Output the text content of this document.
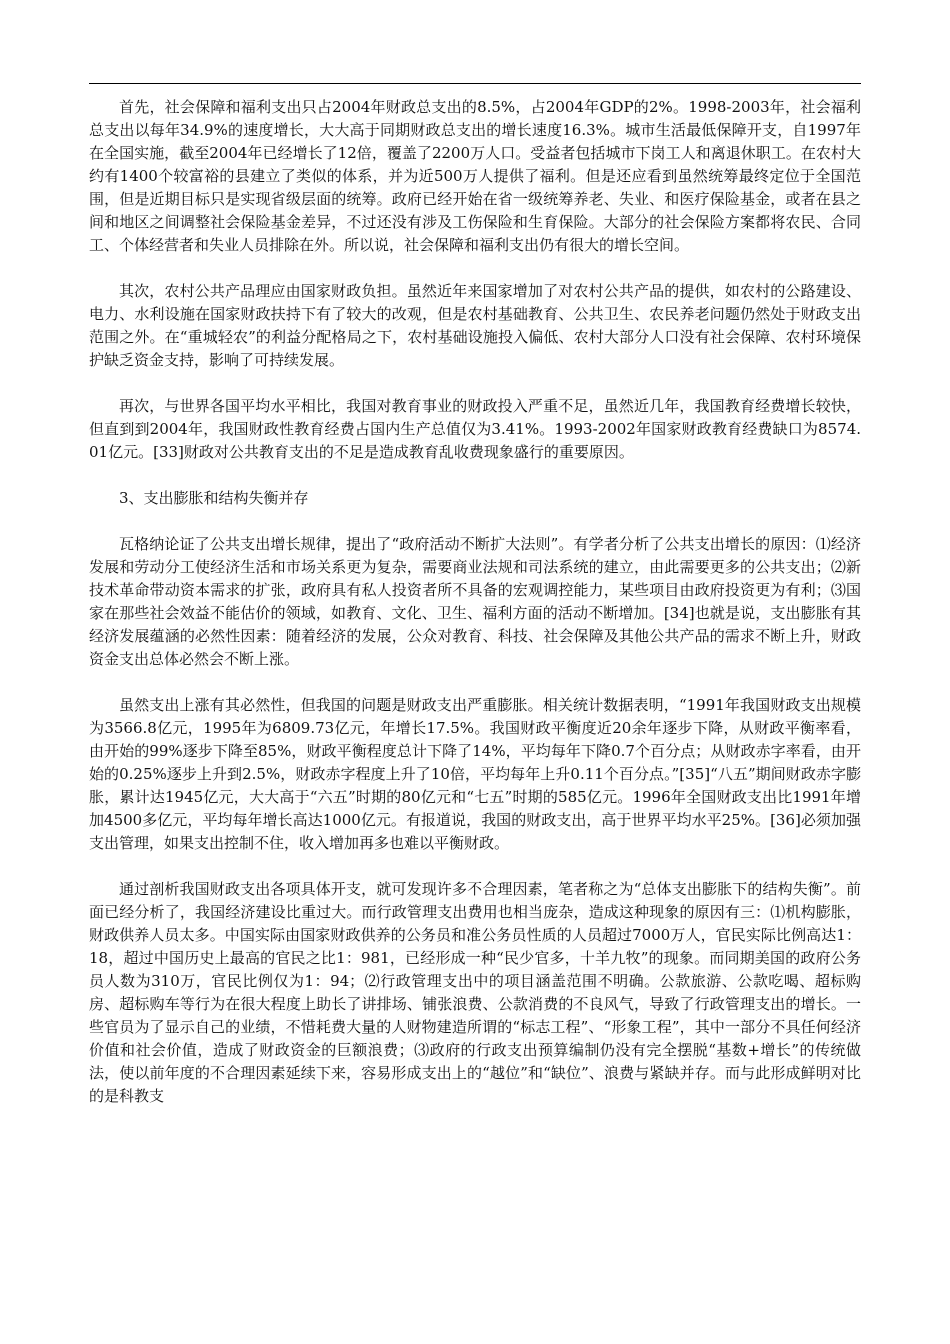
首先，社会保障和福利支出只占2004年财政总支出的8.5%，占2004年GDP的2%。1998-2003年，社会福利总支出以每年34.9%的速度增长，大大高于同期财政总支出的增长速度16.3%。城市生活最低保障开支，自1997年在全国实施，截至2004年已经增长了12倍，覆盖了2200万人口。受益者包括城市下岗工人和离退休职工。在农村大约有1400个较富裕的县建立了类似的体系，并为近500万人提供了福利。但是还应看到虽然统筹最终定位于全国范围，但是近期目标只是实现省级层面的统筹。政府已经开始在省一级统筹养老、失业、和医疗保险基金，或者在县之间和地区之间调整社会保险基金差异，不过还没有涉及工伤保险和生育保险。大部分的社会保险方案都将农民、合同工、个体经营者和失业人员排除在外。所以说，社会保障和福利支出仍有很大的增长空间。

其次，农村公共产品理应由国家财政负担。虽然近年来国家增加了对农村公共产品的提供，如农村的公路建设、电力、水利设施在国家财政扶持下有了较大的改观，但是农村基础教育、公共卫生、农民养老问题仍然处于财政支出范围之外。在“重城轻农”的利益分配格局之下，农村基础设施投入偏低、农村大部分人口没有社会保障、农村环境保护缺乏资金支持，影响了可持续发展。

再次，与世界各国平均水平相比，我国对教育事业的财政投入严重不足，虽然近几年，我国教育经费增长较快，但直到到2004年，我国财政性教育经费占国内生产总值仅为3.41%。1993-2002年国家财政教育经费缺口为8574.01亿元。[33]财政对公共教育支出的不足是造成教育乱收费现象盛行的重要原因。

3、支出膨胀和结构失衡并存

瓦格纳论证了公共支出增长规律，提出了“政府活动不断扩大法则”。有学者分析了公共支出增长的原因：⑴经济发展和劳动分工使经济生活和市场关系更为复杂，需要商业法规和司法系统的建立，由此需要更多的公共支出；⑵新技术革命带动资本需求的扩张，政府具有私人投资者所不具备的宏观调控能力，某些项目由政府投资更为有利；⑶国家在那些社会效益不能估价的领域，如教育、文化、卫生、福利方面的活动不断增加。[34]也就是说，支出膨胀有其经济发展蕴涵的必然性因素：随着经济的发展，公众对教育、科技、社会保障及其他公共产品的需求不断上升，财政资金支出总体必然会不断上涨。

虽然支出上涨有其必然性，但我国的问题是财政支出严重膨胀。相关统计数据表明，“1991年我国财政支出规模为3566.8亿元，1995年为6809.73亿元，年增长17.5%。我国财政平衡度近20余年逐步下降，从财政平衡率看，由开始的99%逐步下降至85%，财政平衡程度总计下降了14%，平均每年下降0.7个百分点；从财政赤字率看，由开始的0.25%逐步上升到2.5%，财政赤字程度上升了10倍，平均每年上升0.11个百分点。”[35]“八五”期间财政赤字膨胀，累计达1945亿元，大大高于“六五”时期的80亿元和“七五”时期的585亿元。1996年全国财政支出比1991年增加4500多亿元，平均每年增长高达1000亿元。有报道说，我国的财政支出，高于世界平均水平25%。[36]必须加强支出管理，如果支出控制不住，收入增加再多也难以平衡财政。

通过剖析我国财政支出各项具体开支，就可发现许多不合理因素，笔者称之为“总体支出膨胀下的结构失衡”。前面已经分析了，我国经济建设比重过大。而行政管理支出费用也相当庞杂，造成这种现象的原因有三：⑴机构膨胀，财政供养人员太多。中国实际由国家财政供养的公务员和准公务员性质的人员超过7000万人，官民实际比例高达1：18，超过中国历史上最高的官民之比1：981，已经形成一种“民少官多，十羊九牧”的现象。而同期美国的政府公务员人数为310万，官民比例仅为1：94；⑵行政管理支出中的项目涵盖范围不明确。公款旅游、公款吃喝、超标购房、超标购车等行为在很大程度上助长了讲排场、铺张浪费、公款消费的不良风气，导致了行政管理支出的增长。一些官员为了显示自己的业绩，不惜耗费大量的人财物建造所谓的“标志工程”、“形象工程”，其中一部分不具任何经济价值和社会价值，造成了财政资金的巨额浪费；⑶政府的行政支出预算编制仍没有完全摆脱“基数+增长”的传统做法，使以前年度的不合理因素延续下来，容易形成支出上的“越位”和“缺位”、浪费与紧缺并存。而与此形成鲜明对比的是科教支
